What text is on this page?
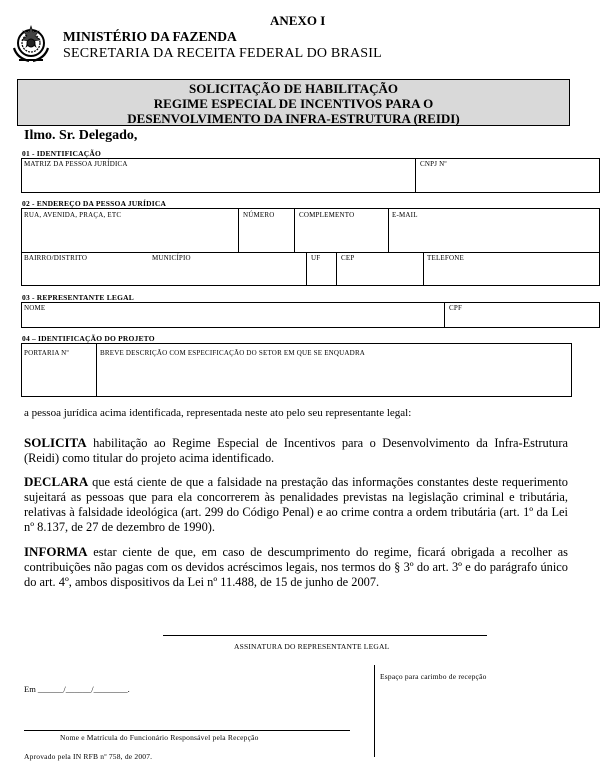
ANEXO I
MINISTÉRIO DA FAZENDA
SECRETARIA DA RECEITA FEDERAL DO BRASIL
SOLICITAÇÃO DE HABILITAÇÃO
REGIME ESPECIAL DE INCENTIVOS PARA O
DESENVOLVIMENTO DA INFRA-ESTRUTURA (REIDI)
Ilmo. Sr. Delegado,
01 - IDENTIFICAÇÃO
MATRIZ DA PESSOA JURÍDICA	CNPJ Nº
02 - ENDEREÇO DA PESSOA JURÍDICA
RUA, AVENIDA, PRAÇA, ETC	NÚMERO	COMPLEMENTO	E-MAIL
BAIRRO/DISTRITO	MUNICÍPIO	UF	CEP	TELEFONE
03 - REPRESENTANTE LEGAL
NOME	CPF
04 – IDENTIFICAÇÃO DO PROJETO
PORTARIA Nº	BREVE DESCRIÇÃO COM ESPECIFICAÇÃO DO SETOR EM QUE SE ENQUADRA
a pessoa jurídica acima identificada, representada neste ato pelo seu representante legal:
SOLICITA habilitação ao Regime Especial de Incentivos para o Desenvolvimento da Infra-Estrutura (Reidi) como titular do projeto acima identificado.
DECLARA que está ciente de que a falsidade na prestação das informações constantes deste requerimento sujeitará as pessoas que para ela concorrerem às penalidades previstas na legislação criminal e tributária, relativas à falsidade ideológica (art. 299 do Código Penal) e ao crime contra a ordem tributária (art. 1º da Lei nº 8.137, de 27 de dezembro de 1990).
INFORMA estar ciente de que, em caso de descumprimento do regime, ficará obrigada a recolher as contribuições não pagas com os devidos acréscimos legais, nos termos do § 3º do art. 3º e do parágrafo único do art. 4º, ambos dispositivos da Lei nº 11.488, de 15 de junho de 2007.
ASSINATURA DO REPRESENTANTE LEGAL
Espaço para carimbo de recepção
Em ______/______/________.
Nome e Matrícula do Funcionário Responsável pela Recepção
Aprovado pela IN RFB nº 758, de 2007.
